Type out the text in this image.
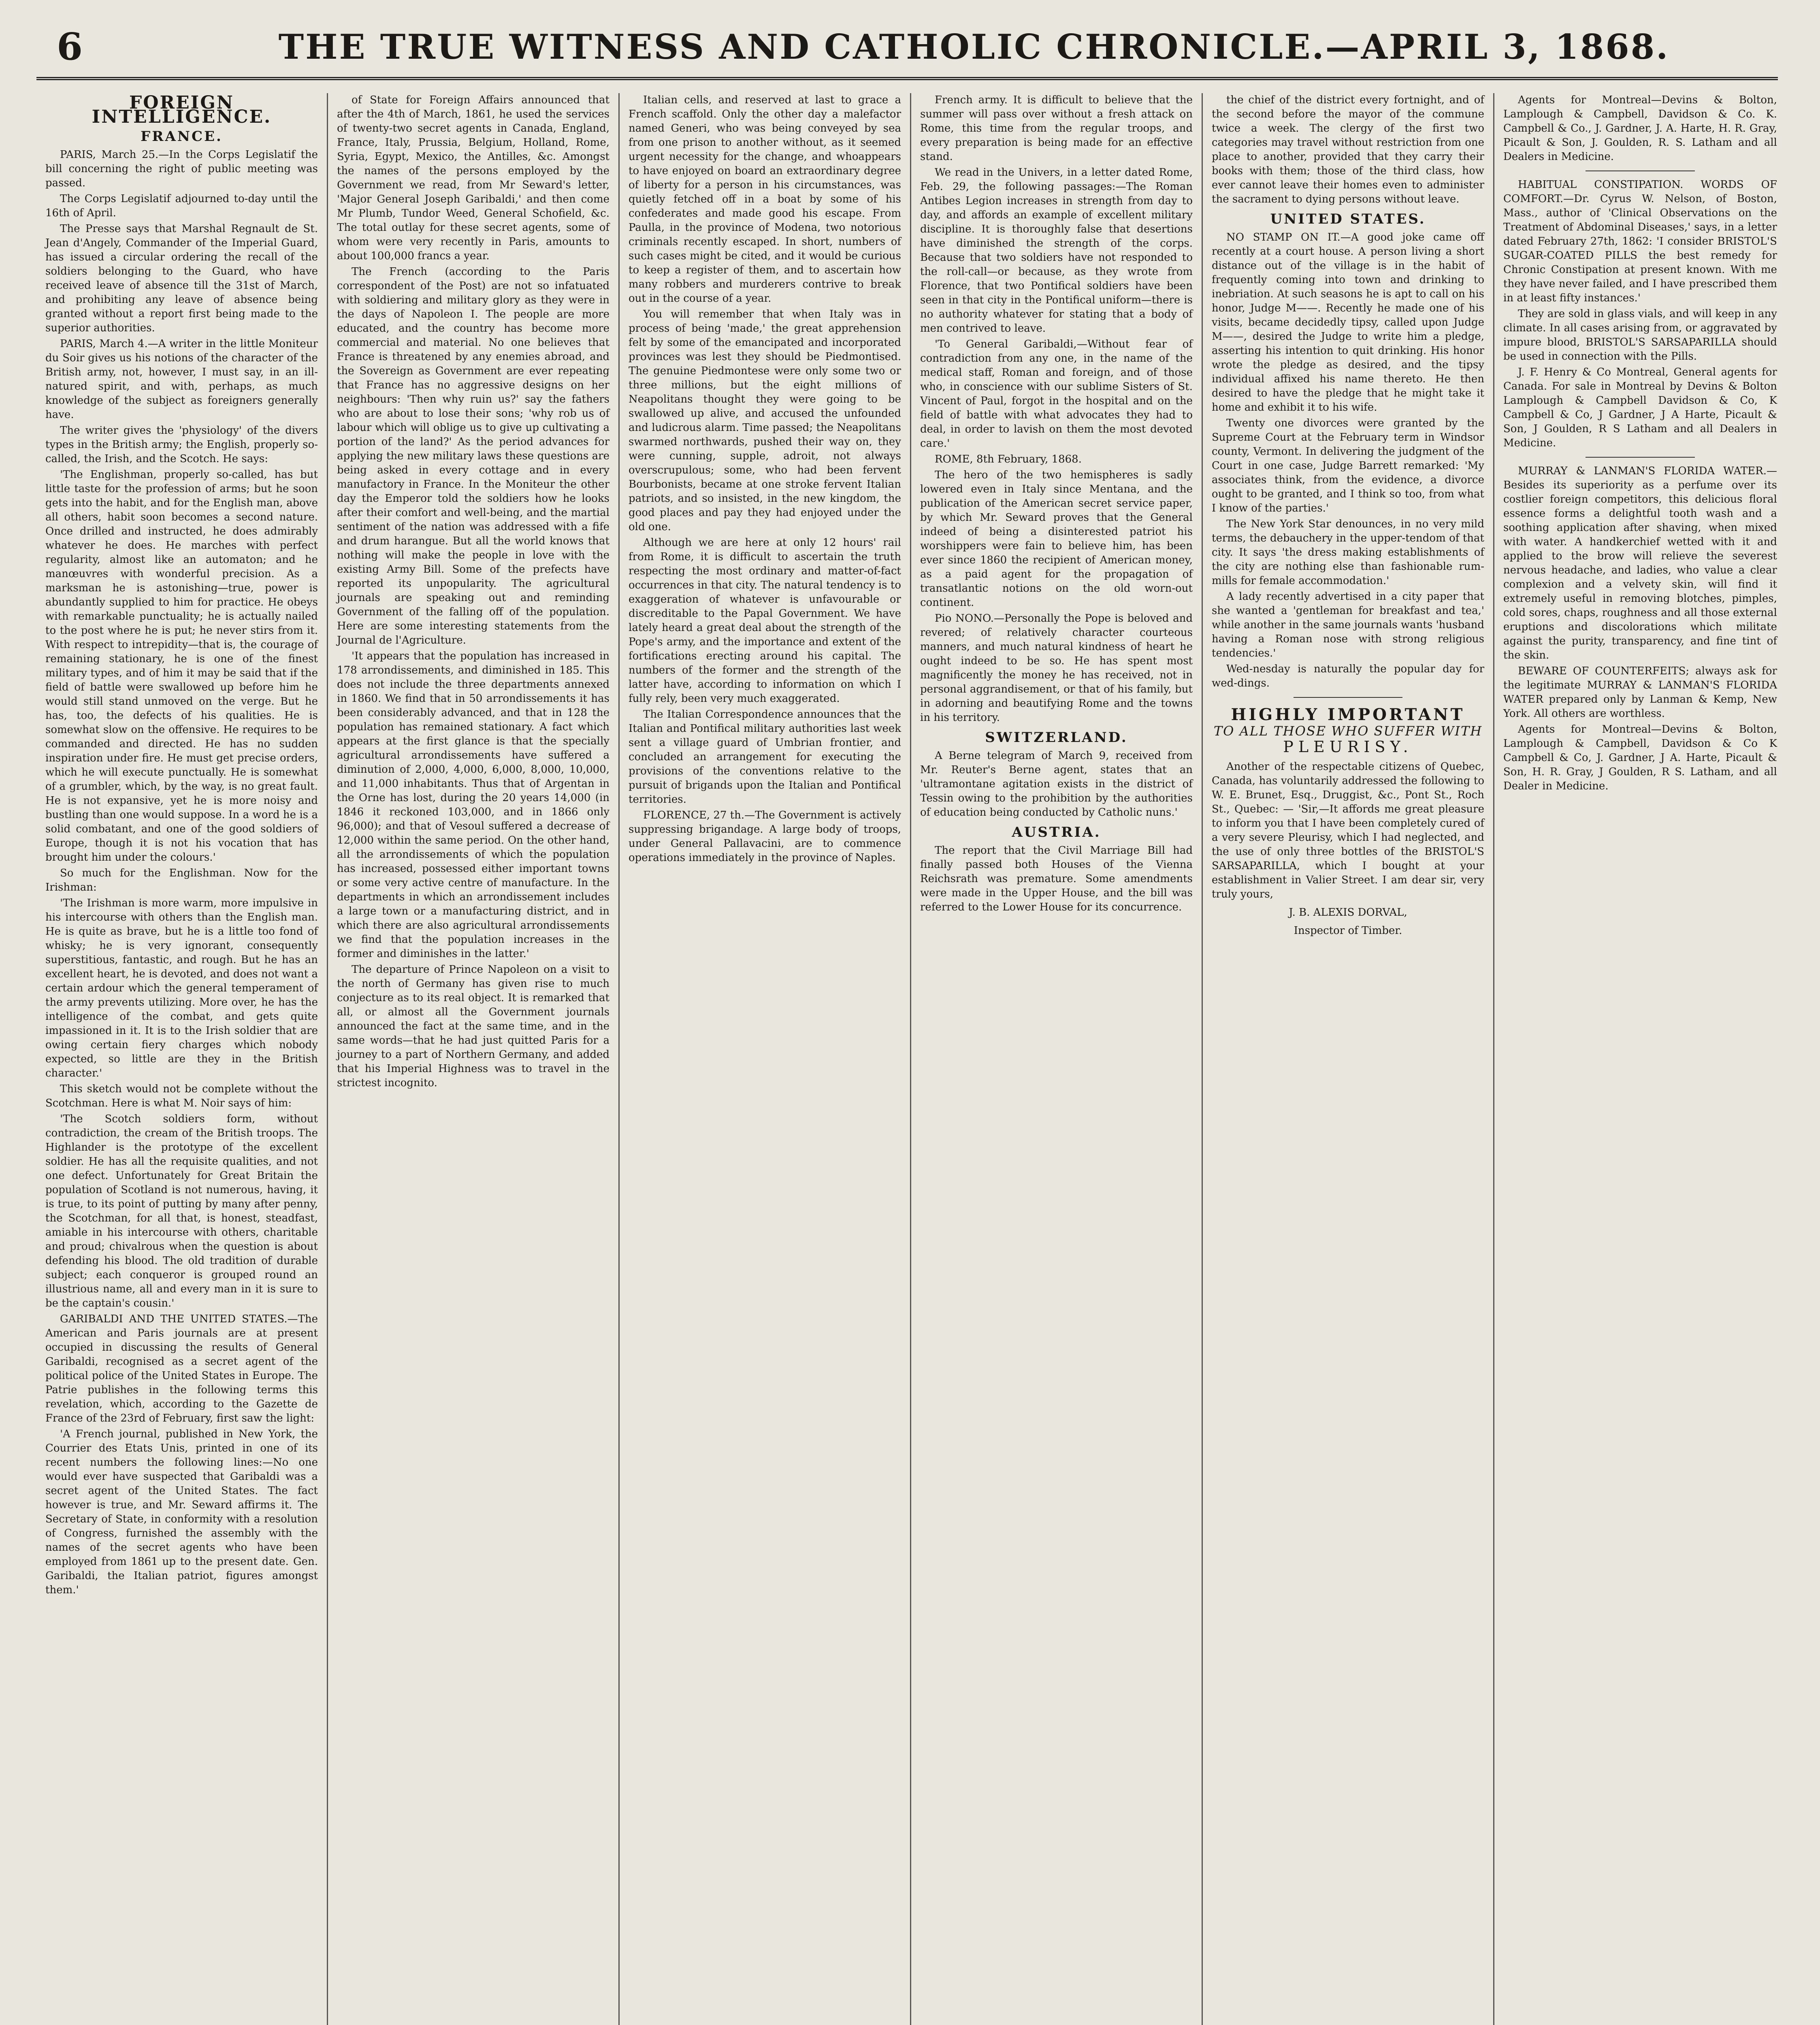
6	THE TRUE WITNESS AND CATHOLIC CHRONICLE.—APRIL 3, 1868.
FOREIGN INTELLIGENCE.
FRANCE.

PARIS, March 25.—In the Corps Legislatif the bill concerning the right of public meeting was passed.

The Corps Legislatif adjourned to-day until the 16th of April.

The Presse says that Marshal Regnault de St. Jean d'Angely, Commander of the Imperial Guard, has issued a circular ordering the recall of the soldiers belonging to the Guard, who have received leave of absence till the 31st of March, and prohibiting any leave of absence being granted without a report first being made to the superior authorities.

PARIS, March 4.—A writer in the little Moniteur du Soir gives us his notions of the character of the British army, not, however, I must say, in an ill-natured spirit, and with, perhaps, as much knowledge of the subject as foreigners generally have.

The writer gives the 'physiology' of the divers types in the British army; the English, properly so-called, the Irish, and the Scotch. He says:

'The Englishman, properly so-called, has but little taste for the profession of arms; but he soon gets into the habit, and for the English man, above all others, habit soon becomes a second nature. Once drilled and instructed, he does admirably whatever he does. He marches with perfect regularity, almost like an automaton; and he manœuvres with wonderful precision. As a marksman he is astonishing—true, power is abundantly supplied to him for practice. He obeys with remarkable punctuality; he is actually nailed to the post where he is put; he never stirs from it. With respect to intrepidity—that is, the courage of remaining stationary, he is one of the finest military types, and of him it may be said that if the field of battle were swallowed up before him he would still stand unmoved on the verge. But he has, too, the defects of his qualities. He is somewhat slow on the offensive. He requires to be commanded and directed. He has no sudden inspiration under fire. He must get precise orders, which he will execute punctually. He is somewhat of a grumbler, which, by the way, is no great fault. He is not expansive, yet he is more noisy and bustling than one would suppose. In a word he is a solid combatant, and one of the good soldiers of Europe, though it is not his vocation that has brought him under the colours.'

So much for the Englishman. Now for the Irishman:

'The Irishman is more warm, more impulsive in his intercourse with others than the English man. He is quite as brave, but he is a little too fond of whisky; he is very ignorant, consequently superstitious, fantastic, and rough. But he has an excellent heart, he is devoted, and does not want a certain ardour which the general temperament of the army prevents utilizing. More over, he has the intelligence of the combat, and gets quite impassioned in it. It is to the Irish soldier that are owing certain fiery charges which nobody expected, so little are they in the British character.'

This sketch would not be complete without the Scotchman. Here is what M. Noir says of him:

'The Scotch soldiers form, without contradiction, the cream of the British troops. The Highlander is the prototype of the excellent soldier. He has all the requisite qualities, and not one defect. Unfortunately for Great Britain the population of Scotland is not numerous, having, it is true, to its point of putting by many after penny, the Scotchman, for all that, is honest, steadfast, amiable in his intercourse with others, charitable and proud; chivalrous when the question is about defending his blood. The old tradition of durable subject; each conqueror is grouped round an illustrious name, all and every man in it is sure to be the captain's cousin.'

GARIBALDI AND THE UNITED STATES.—The American and Paris journals are at present occupied in discussing the results of General Garibaldi, recognised as a secret agent of the political police of the United States in Europe. The Patrie publishes in the following terms this revelation, which, according to the Gazette de France of the 23rd of February, first saw the light:

'A French journal, published in New York, the Courrier des Etats Unis, printed in one of its recent numbers the following lines:—No one would ever have suspected that Garibaldi was a secret agent of the United States. The fact however is true, and Mr. Seward affirms it. The Secretary of State, in conformity with a resolution of Congress, furnished the assembly with the names of the secret agents who have been employed from 1861 up to the present date. Gen. Garibaldi, the Italian patriot, figures amongst them.'

of State for Foreign Affairs announced that after the 4th of March, 1861, he used the services of twenty-two secret agents in Canada, England, France, Italy, Prussia, Belgium, Holland, Rome, Syria, Egypt, Mexico, the Antilles, &c. Amongst the names of the persons employed by the Government we read, from Mr Seward's letter, 'Major General Joseph Garibaldi,' and then come Mr Plumb, Tundor Weed, General Schofield, &c. The total outlay for these secret agents, some of whom were very recently in Paris, amounts to about 100,000 francs a year.

The French (according to the Paris correspondent of the Post) are not so infatuated with soldiering and military glory as they were in the days of Napoleon I. The people are more educated, and the country has become more commercial and material. No one believes that France is threatened by any enemies abroad, and the Sovereign as Government are ever repeating that France has no aggressive designs on her neighbours: 'Then why ruin us?' say the fathers who are about to lose their sons; 'why rob us of labour which will oblige us to give up cultivating a portion of the land?' As the period advances for applying the new military laws these questions are being asked in every cottage and in every manufactory in France. In the Moniteur the other day the Emperor told the soldiers how he looks after their comfort and well-being, and the martial sentiment of the nation was addressed with a fife and drum harangue. But all the world knows that nothing will make the people in love with the existing Army Bill. Some of the prefects have reported its unpopularity. The agricultural journals are speaking out and reminding Government of the falling off of the population. Here are some interesting statements from the Journal de l'Agriculture.

'It appears that the population has increased in 178 arrondissements, and diminished in 185. This does not include the three departments annexed in 1860. We find that in 50 arrondissements it has been considerably advanced, and that in 128 the population has remained stationary. A fact which appears at the first glance is that the specially agricultural arrondissements have suffered a diminution of 2,000, 4,000, 6,000, 8,000, 10,000, and 11,000 inhabitants. Thus that of Argentan in the Orne has lost, during the 20 years 14,000 (in 1846 it reckoned 103,000, and in 1866 only 96,000); and that of Vesoul suffered a decrease of 12,000 within the same period. On the other hand, all the arrondissements of which the population has increased, possessed either important towns or some very active centre of manufacture. In the departments in which an arrondissement includes a large town or a manufacturing district, and in which there are also agricultural arrondissements we find that the population increases in the former and diminishes in the latter.'

The departure of Prince Napoleon on a visit to the north of Germany has given rise to much conjecture as to its real object. It is remarked that all, or almost all the Government journals announced the fact at the same time, and in the same words—that he had just quitted Paris for a journey to a part of Northern Germany, and added that his Imperial Highness was to travel in the strictest incognito.

Italian cells, and reserved at last to grace a French scaffold. Only the other day a malefactor named Generi, who was being conveyed by sea from one prison to another without, as it seemed urgent necessity for the change, and whoappears to have enjoyed on board an extraordinary degree of liberty for a person in his circumstances, was quietly fetched off in a boat by some of his confederates and made good his escape. From Paulla, in the province of Modena, two notorious criminals recently escaped. In short, numbers of such cases might be cited, and it would be curious to keep a register of them, and to ascertain how many robbers and murderers contrive to break out in the course of a year.

You will remember that when Italy was in process of being 'made,' the great apprehension felt by some of the emancipated and incorporated provinces was lest they should be Piedmontised. The genuine Piedmontese were only some two or three millions, but the eight millions of Neapolitans thought they were going to be swallowed up alive, and accused the unfounded and ludicrous alarm. Time passed; the Neapolitans swarmed northwards, pushed their way on, they were cunning, supple, adroit, not always overscrupulous; some, who had been fervent Bourbonists, became at one stroke fervent Italian patriots, and so insisted, in the new kingdom, the good places and pay they had enjoyed under the old one.

Although we are here at only 12 hours' rail from Rome, it is difficult to ascertain the truth respecting the most ordinary and matter-of-fact occurrences in that city. The natural tendency is to exaggeration of whatever is unfavourable or discreditable to the Papal Government. We have lately heard a great deal about the strength of the Pope's army, and the importance and extent of the fortifications erecting around his capital. The numbers of the former and the strength of the latter have, according to information on which I fully rely, been very much exaggerated.

The Italian Correspondence announces that the Italian and Pontifical military authorities last week sent a village guard of Umbrian frontier, and concluded an arrangement for executing the provisions of the conventions relative to the pursuit of brigands upon the Italian and Pontifical territories.

FLORENCE, 27 th.—The Government is actively suppressing brigandage. A large body of troops, under General Pallavacini, are to commence operations immediately in the province of Naples.

French army. It is difficult to believe that the summer will pass over without a fresh attack on Rome, this time from the regular troops, and every preparation is being made for an effective stand.

We read in the Univers, in a letter dated Rome, Feb. 29, the following passages:—The Roman Antibes Legion increases in strength from day to day, and affords an example of excellent military discipline. It is thoroughly false that desertions have diminished the strength of the corps. Because that two soldiers have not responded to the roll-call—or because, as they wrote from Florence, that two Pontifical soldiers have been seen in that city in the Pontifical uniform—there is no authority whatever for stating that a body of men contrived to leave.

'To General Garibaldi,—Without fear of contradiction from any one, in the name of the medical staff, Roman and foreign, and of those who, in conscience with our sublime Sisters of St. Vincent of Paul, forgot in the hospital and on the field of battle with what advocates they had to deal, in order to lavish on them the most devoted care.'

ROME, 8th February, 1868.

The hero of the two hemispheres is sadly lowered even in Italy since Mentana, and the publication of the American secret service paper, by which Mr. Seward proves that the General indeed of being a disinterested patriot his worshippers were fain to believe him, has been ever since 1860 the recipient of American money, as a paid agent for the propagation of transatlantic notions on the old worn-out continent.

Pio NONO.—Personally the Pope is beloved and revered; of relatively character courteous manners, and much natural kindness of heart he ought indeed to be so. He has spent most magnificently the money he has received, not in personal aggrandisement, or that of his family, but in adorning and beautifying Rome and the towns in his territory.

SWITZERLAND.

A Berne telegram of March 9, received from Mr. Reuter's Berne agent, states that an 'ultramontane agitation exists in the district of Tessin owing to the prohibition by the authorities of education being conducted by Catholic nuns.'

AUSTRIA.

The report that the Civil Marriage Bill had finally passed both Houses of the Vienna Reichsrath was premature. Some amendments were made in the Upper House, and the bill was referred to the Lower House for its concurrence.

the chief of the district every fortnight, and of the second before the mayor of the commune twice a week. The clergy of the first two categories may travel without restriction from one place to another, provided that they carry their books with them; those of the third class, how ever cannot leave their homes even to administer the sacrament to dying persons without leave.

UNITED STATES.

NO STAMP ON IT.—A good joke came off recently at a court house. A person living a short distance out of the village is in the habit of frequently coming into town and drinking to inebriation. At such seasons he is apt to call on his honor, Judge M——. Recently he made one of his visits, became decidedly tipsy, called upon Judge M——, desired the Judge to write him a pledge, asserting his intention to quit drinking. His honor wrote the pledge as desired, and the tipsy individual affixed his name thereto. He then desired to have the pledge that he might take it home and exhibit it to his wife.

Twenty one divorces were granted by the Supreme Court at the February term in Windsor county, Vermont. In delivering the judgment of the Court in one case, Judge Barrett remarked: 'My associates think, from the evidence, a divorce ought to be granted, and I think so too, from what I know of the parties.'

The New York Star denounces, in no very mild terms, the debauchery in the upper-tendom of that city. It says 'the dress making establishments of the city are nothing else than fashionable rum-mills for female accommodation.'

A lady recently advertised in a city paper that she wanted a 'gentleman for breakfast and tea,' while another in the same journals wants 'husband having a Roman nose with strong religious tendencies.'

Wed-nesday is naturally the popular day for wed-dings.

HIGHLY IMPORTANT
TO ALL THOSE WHO SUFFER WITH
PLEURISY.

Another of the respectable citizens of Quebec, Canada, has voluntarily addressed the following to W. E. Brunet, Esq., Druggist, &c., Pont St., Roch St., Quebec: — 'Sir,—It affords me great pleasure to inform you that I have been completely cured of a very severe Pleurisy, which I had neglected, and the use of only three bottles of the BRISTOL'S SARSAPARILLA, which I bought at your establishment in Valier Street. I am dear sir, very truly yours,

J. B. ALEXIS DORVAL,
Inspector of Timber.

Agents for Montreal—Devins & Bolton, Lamplough & Campbell, Davidson & Co. K. Campbell & Co., J. Gardner, J. A. Harte, H. R. Gray, Picault & Son, J. Goulden, R. S. Latham and all Dealers in Medicine.

HABITUAL CONSTIPATION. WORDS OF COMFORT.—Dr. Cyrus W. Nelson, of Boston, Mass., author of 'Clinical Observations on the Treatment of Abdominal Diseases,' says, in a letter dated February 27th, 1862: 'I consider BRISTOL'S SUGAR-COATED PILLS the best remedy for Chronic Constipation at present known. With me they have never failed, and I have prescribed them in at least fifty instances.'

They are sold in glass vials, and will keep in any climate. In all cases arising from, or aggravated by impure blood, BRISTOL'S SARSAPARILLA should be used in connection with the Pills.

J. F. Henry & Co Montreal, General agents for Canada. For sale in Montreal by Devins & Bolton Lamplough & Campbell Davidson & Co, K Campbell & Co, J Gardner, J A Harte, Picault & Son, J Goulden, R S Latham and all Dealers in Medicine.

MURRAY & LANMAN'S FLORIDA WATER.—Besides its superiority as a perfume over its costlier foreign competitors, this delicious floral essence forms a delightful tooth wash and a soothing application after shaving, when mixed with water. A handkerchief wetted with it and applied to the brow will relieve the severest nervous headache, and ladies, who value a clear complexion and a velvety skin, will find it extremely useful in removing blotches, pimples, cold sores, chaps, roughness and all those external eruptions and discolorations which militate against the purity, transparency, and fine tint of the skin.

BEWARE OF COUNTERFEITS; always ask for the legitimate MURRAY & LANMAN'S FLORIDA WATER prepared only by Lanman & Kemp, New York. All others are worthless.

Agents for Montreal—Devins & Bolton, Lamplough & Campbell, Davidson & Co K Campbell & Co, J. Gardner, J A. Harte, Picault & Son, H. R. Gray, J Goulden, R S. Latham, and all Dealer in Medicine.
